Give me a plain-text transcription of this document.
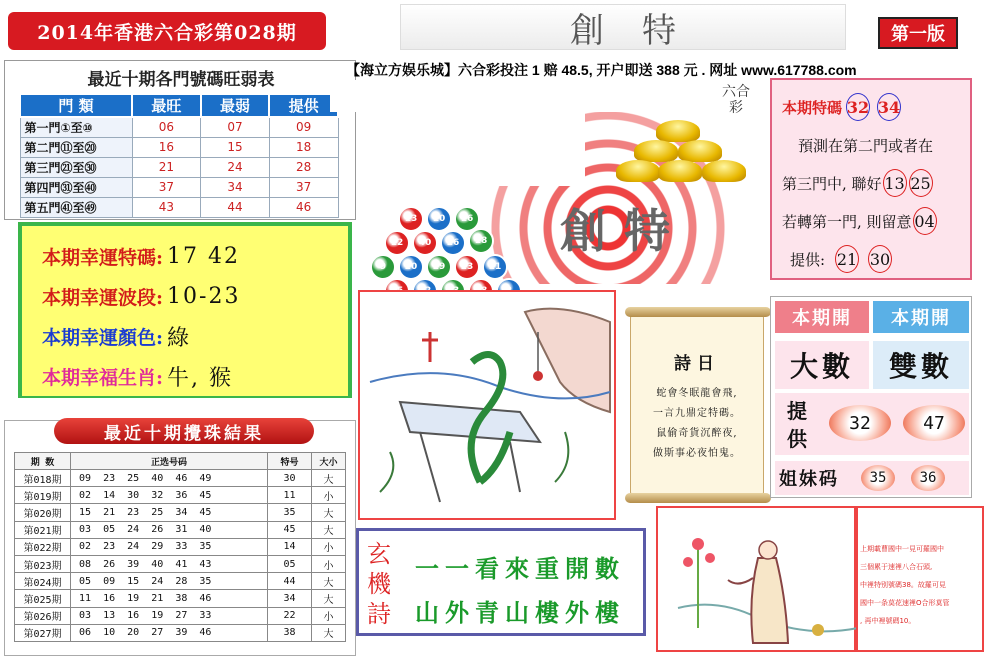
2014年香港六合彩第028期	創特	第一版
最近十期各門號碼旺弱表
門 類	最旺	最弱	提供
第一門①至⑩	06	07	09
第二門⑪至⑳	16	15	18
第三門㉑至㉚	21	24	28
第四門㉛至㊵	37	34	37
第五門㊶至㊾	43	44	46
13	10	16
40	26	18
12
20	29	23	21
9
【海立方娱乐城】六合彩投注 1 赔 48.5, 开户即送 388 元 . 网址 www.617788.com
創特
六合彩	本期特碼 32 34
預測在第二門或者在
第三門中, 聯好 13 25
若轉第一門, 則留意 04
提供: 21 30
本期幸運特碼: 17 42
本期幸運波段: 10-23
本期幸運顏色: 綠
本期幸福生肖: 牛, 猴
最近十期攪珠結果
期 数	正选号码	特号	大小
第018期	09  23  25  40  46  49	30	大
第019期	02  14  30  32  36  45	11	小
第020期	15  21  23  25  34  45	35	大
第021期	03  05  24  26  31  40	45	大
第022期	02  23  24  29  33  35	14	小
第023期	08  26  39  40  41  43	05	小
第024期	05  09  15  24  28  35	44	大
第025期	11  16  19  21  38  46	34	大
第026期	03  13  16  19  27  33	22	小
第027期	06  10  20  27  39  46	38	大
詩日
蛇會冬眠龍會飛,
一言九鼎定特碼。
鼠偷奇貨沉醉夜,
做斯事必夜怕鬼。
本期開	本期開
大數	雙數
提供
32	47
姐妹码	35	36
玄機詩
一一看來重開數
山外青山樓外樓
上期載曹國中一見可羅國中
三個累于速裡八合石頭,
中裡特别號碼38。故羅可見
國中一条莫花速裡O合形莫管
, 再中裡號碼10。
